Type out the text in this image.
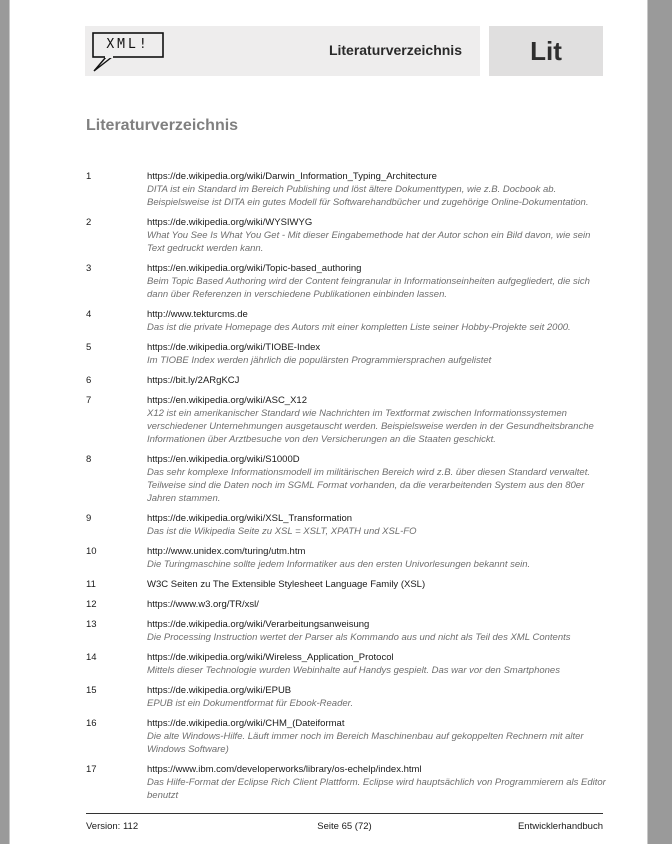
XML!	Literaturverzeichnis	Lit
Literaturverzeichnis
1	https://de.wikipedia.org/wiki/Darwin_Information_Typing_Architecture
DITA ist ein Standard im Bereich Publishing und löst ältere Dokumenttypen, wie z.B. Docbook ab. Beispielsweise ist DITA ein gutes Modell für Softwarehandbücher und zugehörige Online-Dokumentation.
2	https://de.wikipedia.org/wiki/WYSIWYG
What You See Is What You Get - Mit dieser Eingabemethode hat der Autor schon ein Bild davon, wie sein Text gedruckt werden kann.
3	https://en.wikipedia.org/wiki/Topic-based_authoring
Beim Topic Based Authoring wird der Content feingranular in Informationseinheiten aufgegliedert, die sich dann über Referenzen in verschiedene Publikationen einbinden lassen.
4	http://www.tekturcms.de
Das ist die private Homepage des Autors mit einer kompletten Liste seiner Hobby-Projekte seit 2000.
5	https://de.wikipedia.org/wiki/TIOBE-Index
Im TIOBE Index werden jährlich die populärsten Programmiersprachen aufgelistet
6	https://bit.ly/2ARgKCJ
7	https://en.wikipedia.org/wiki/ASC_X12
X12 ist ein amerikanischer Standard wie Nachrichten im Textformat zwischen Informationssystemen verschiedener Unternehmungen ausgetauscht werden. Beispielsweise werden in der Gesundheitsbranche Informationen über Arztbesuche von den Versicherungen an die Staaten geschickt.
8	https://en.wikipedia.org/wiki/S1000D
Das sehr komplexe Informationsmodell im militärischen Bereich wird z.B. über diesen Standard verwaltet. Teilweise sind die Daten noch im SGML Format vorhanden, da die verarbeitenden System aus den 80er Jahren stammen.
9	https://de.wikipedia.org/wiki/XSL_Transformation
Das ist die Wikipedia Seite zu XSL = XSLT, XPATH und XSL-FO
10	http://www.unidex.com/turing/utm.htm
Die Turingmaschine sollte jedem Informatiker aus den ersten Univorlesungen bekannt sein.
11	W3C Seiten zu The Extensible Stylesheet Language Family (XSL)
12	https://www.w3.org/TR/xsl/
13	https://de.wikipedia.org/wiki/Verarbeitungsanweisung
Die Processing Instruction wertet der Parser als Kommando aus und nicht als Teil des XML Contents
14	https://de.wikipedia.org/wiki/Wireless_Application_Protocol
Mittels dieser Technologie wurden Webinhalte auf Handys gespielt. Das war vor den Smartphones
15	https://de.wikipedia.org/wiki/EPUB
EPUB ist ein Dokumentformat für Ebook-Reader.
16	https://de.wikipedia.org/wiki/CHM_(Dateiformat
Die alte Windows-Hilfe. Läuft immer noch im Bereich Maschinenbau auf gekoppelten Rechnern mit alter Windows Software)
17	https://www.ibm.com/developerworks/library/os-echelp/index.html
Das Hilfe-Format der Eclipse Rich Client Plattform. Eclipse wird hauptsächlich von Programmierern als Editor benutzt
Version: 112	Seite 65 (72)	Entwicklerhandbuch
